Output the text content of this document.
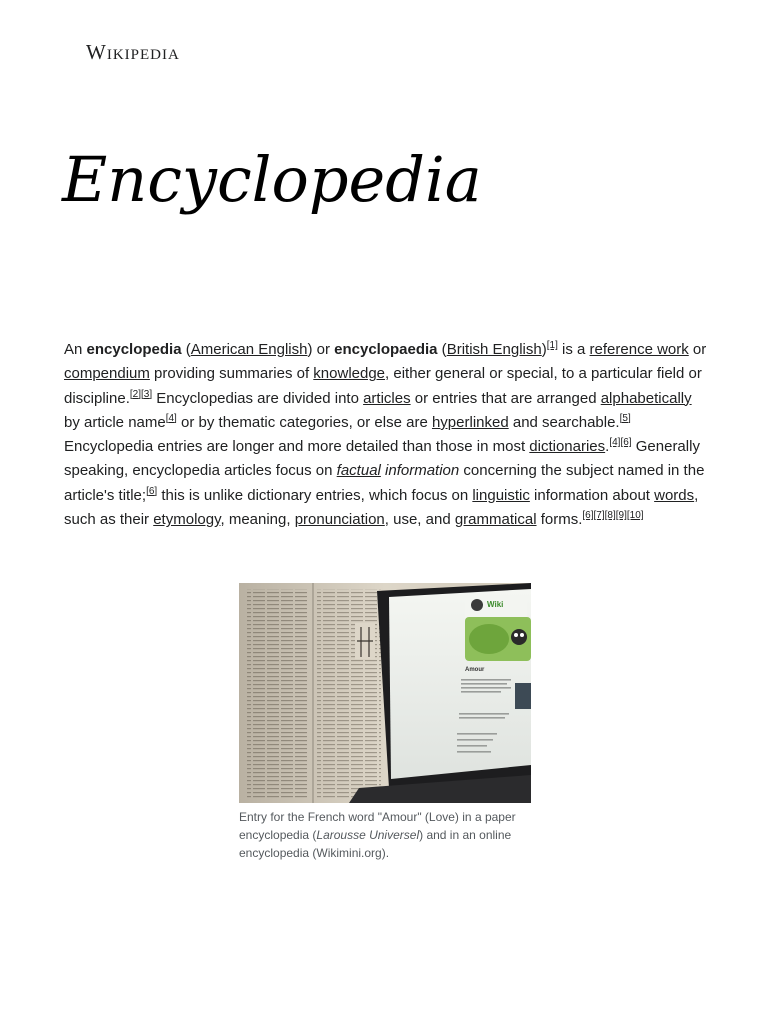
Wikipedia
Encyclopedia

An encyclopedia (American English) or encyclopaedia (British English)[1] is a reference work or compendium providing summaries of knowledge, either general or special, to a particular field or discipline.[2][3] Encyclopedias are divided into articles or entries that are arranged alphabetically by article name[4] or by thematic categories, or else are hyperlinked and searchable.[5] Encyclopedia entries are longer and more detailed than those in most dictionaries.[4][6] Generally speaking, encyclopedia articles focus on factual information concerning the subject named in the article's title;[6] this is unlike dictionary entries, which focus on linguistic information about words, such as their etymology, meaning, pronunciation, use, and grammatical forms.[6][7][8][9][10]

Wiki
Amour
Entry for the French word "Amour" (Love) in a paper encyclopedia (Larousse Universel) and in an online encyclopedia (Wikimini.org).
